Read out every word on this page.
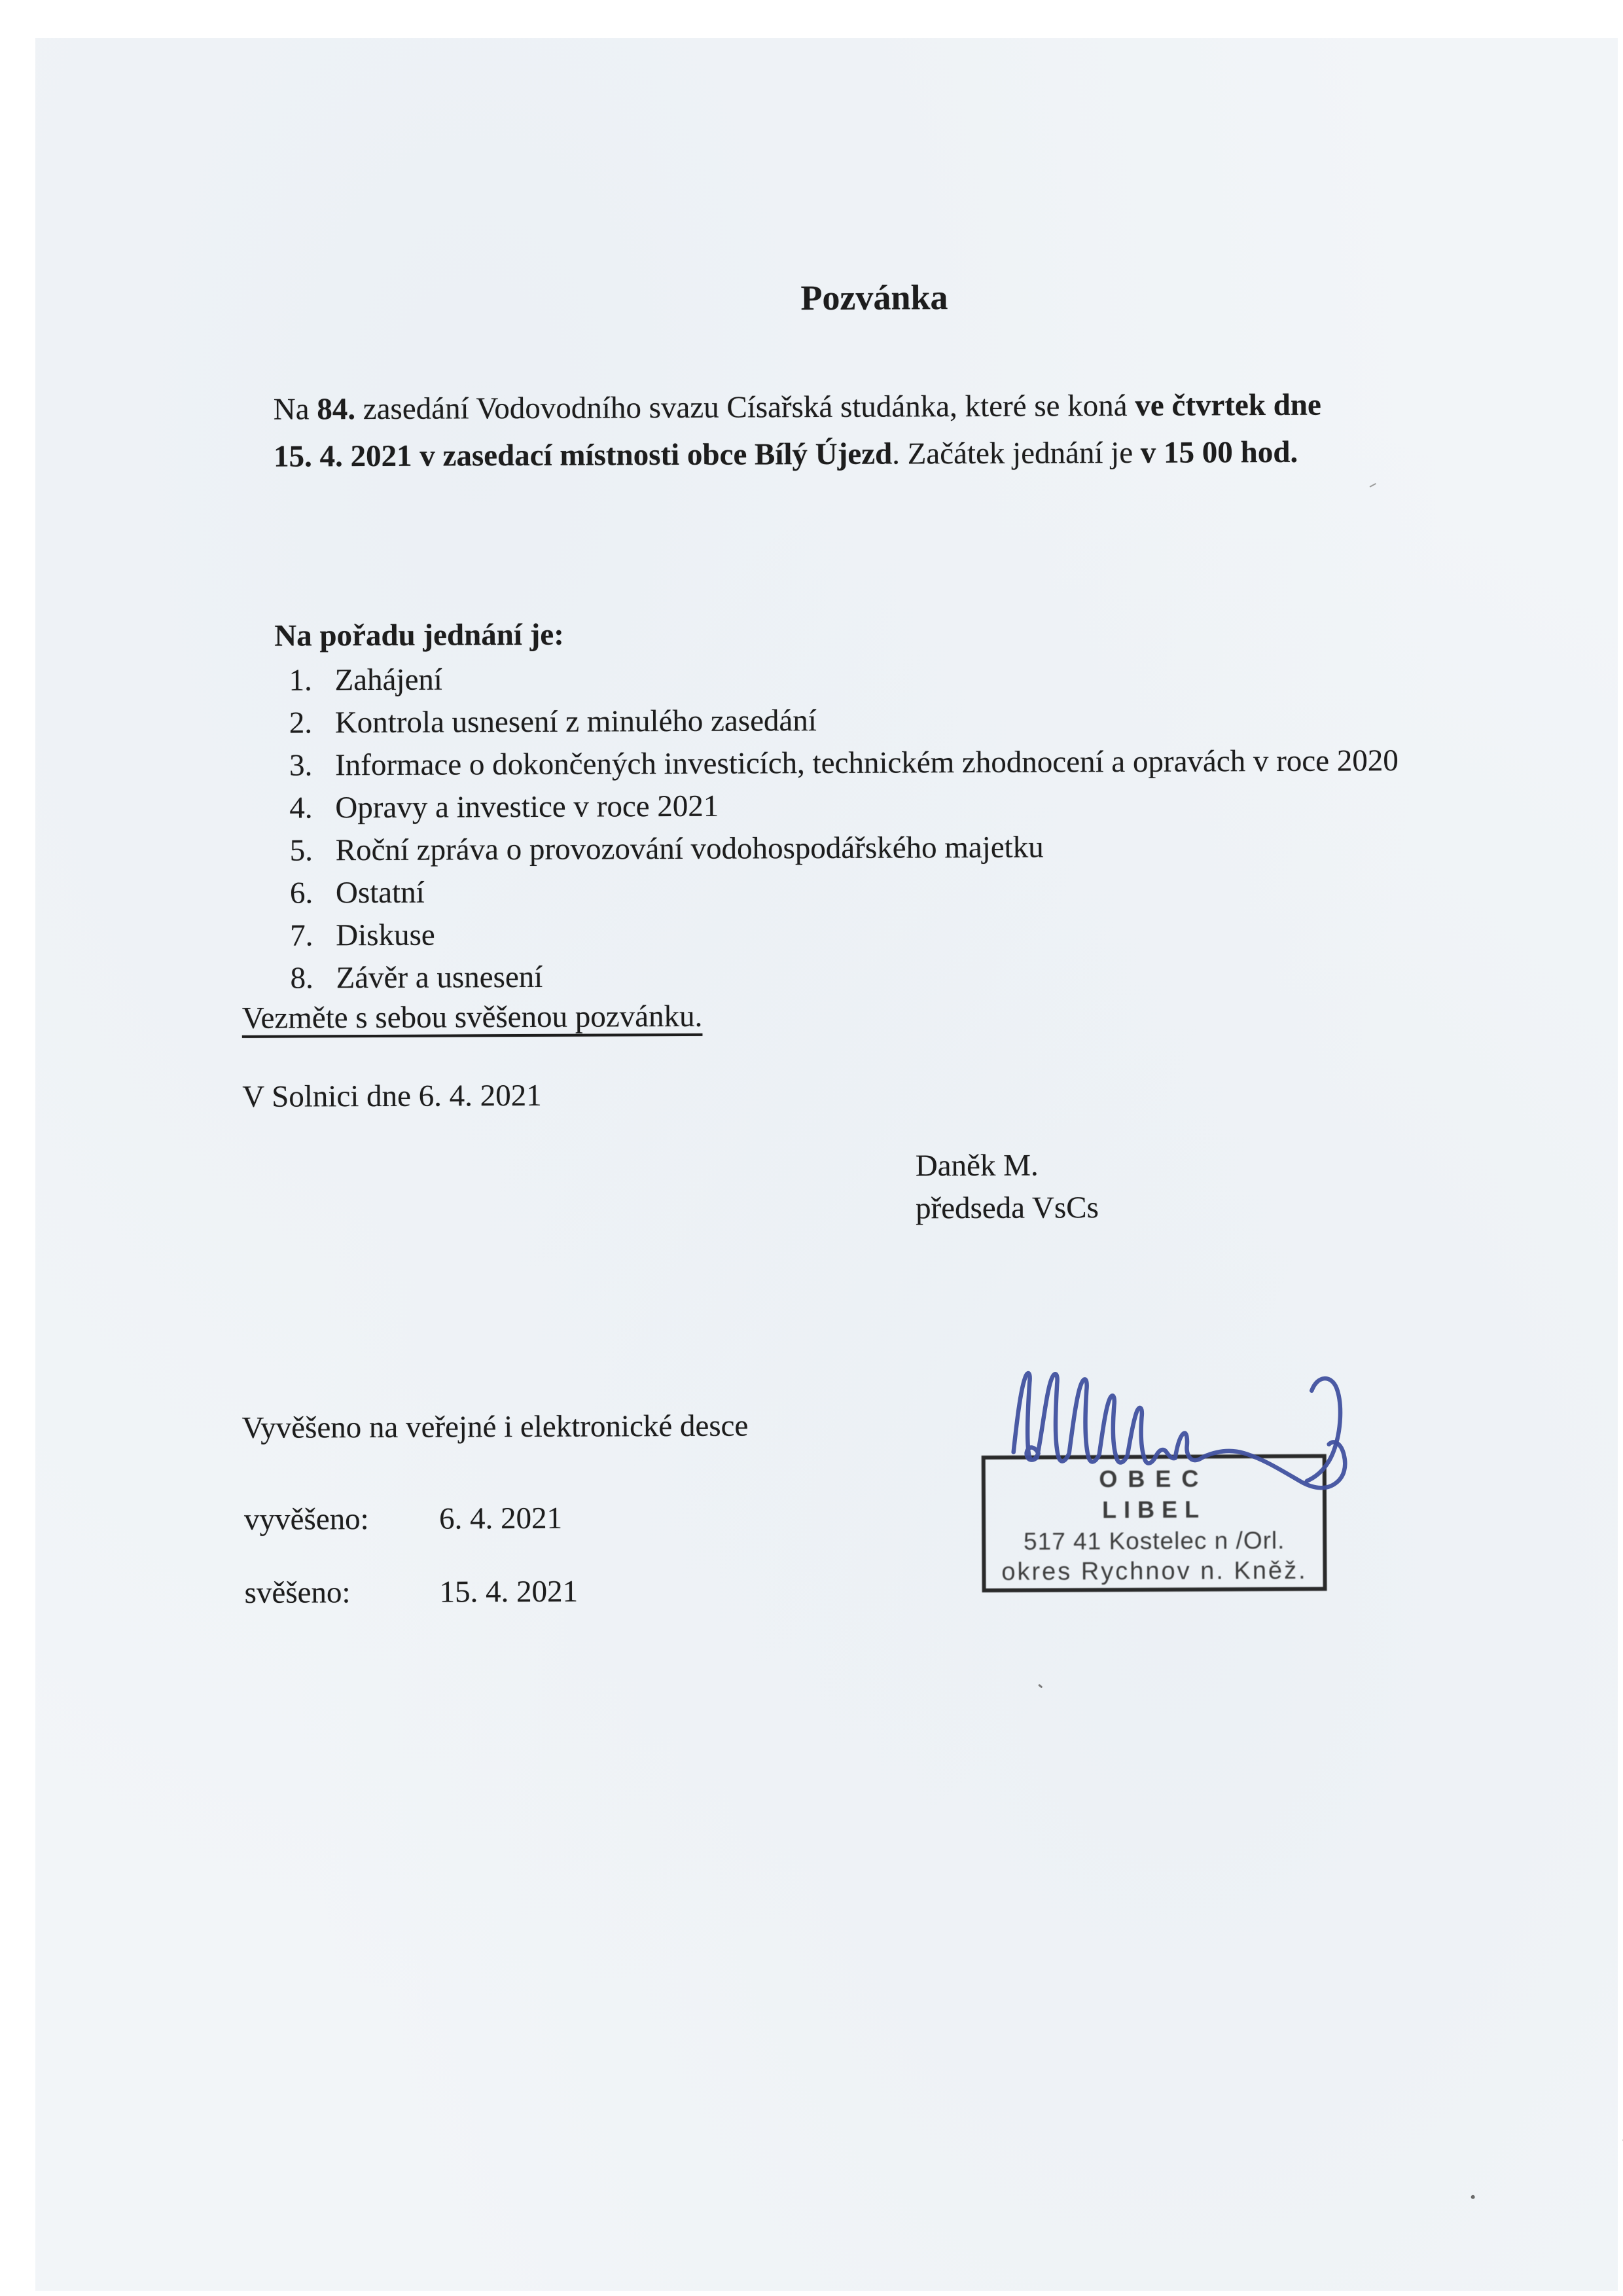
Pozvánka
Na 84. zasedání Vodovodního svazu Císařská studánka, které se koná ve čtvrtek dne
15. 4. 2021 v zasedací místnosti obce Bílý Újezd. Začátek jednání je v 15 00 hod.
Na pořadu jednání je:
1. Zahájení
2. Kontrola usnesení z minulého zasedání
3. Informace o dokončených investicích, technickém zhodnocení a opravách v roce 2020
4. Opravy a investice v roce 2021
5. Roční zpráva o provozování vodohospodářského majetku
6. Ostatní
7. Diskuse
8. Závěr a usnesení
Vezměte s sebou svěšenou pozvánku.
V Solnici dne 6. 4. 2021
Daněk M.
předseda VsCs
Vyvěšeno na veřejné i elektronické desce
vyvěšeno: 6. 4. 2021
svěšeno:	15. 4. 2021
OBEC
LIBEL
517 41 Kostelec n /Orl.
okres Rychnov n. Kněž.
